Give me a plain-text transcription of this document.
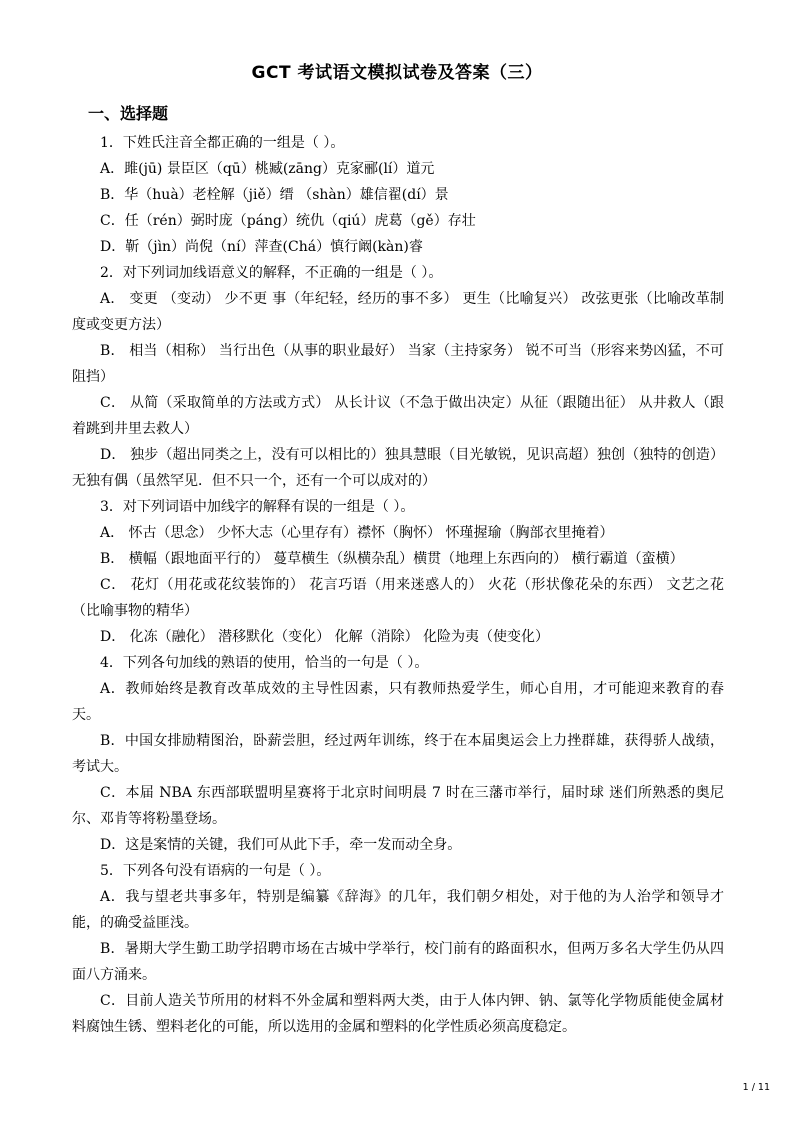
GCT 考试语文模拟试卷及答案（三）
一、选择题

1．下姓氏注音全都正确的一组是（ ）。

A．雎(jū) 景臣区（qū）桃臧(zāng）克家郦(lí）道元

B．华（huà）老栓解（jiě）缙 （shàn）雄信翟(dí）景

C．任（rén）弼时庞（páng）统仇（qiú）虎葛（gě）存壮

D．靳（jìn）尚倪（ní）萍查(Chá）慎行阚(kàn)睿

2．对下列词加线语意义的解释，不正确的一组是（ ）。

A． 变更 （变动） 少不更 事（年纪轻，经历的事不多） 更生（比喻复兴） 改弦更张（比喻改革制度或变更方法）

B． 相当（相称） 当行出色（从事的职业最好） 当家（主持家务） 锐不可当（形容来势凶猛，不可阻挡）

C． 从简（采取简单的方法或方式） 从长计议（不急于做出决定）从征（跟随出征） 从井救人（跟着跳到井里去救人）

D． 独步（超出同类之上，没有可以相比的）独具慧眼（目光敏锐，见识高超）独创（独特的创造）无独有偶（虽然罕见．但不只一个，还有一个可以成对的）

3．对下列词语中加线字的解释有误的一组是（ ）。

A． 怀古（思念） 少怀大志（心里存有）襟怀（胸怀） 怀瑾握瑜（胸部衣里掩着）

B． 横幅（跟地面平行的） 蔓草横生（纵横杂乱）横贯（地理上东西向的） 横行霸道（蛮横）

C． 花灯（用花或花纹装饰的） 花言巧语（用来迷惑人的） 火花（形状像花朵的东西） 文艺之花（比喻事物的精华）

D． 化冻（融化） 潜移默化（变化） 化解（消除） 化险为夷（使变化）

4．下列各句加线的熟语的使用，恰当的一句是（ ）。

A．教师始终是教育改革成效的主导性因素，只有教师热爱学生，师心自用，才可能迎来教育的春天。

B．中国女排励精图治，卧薪尝胆，经过两年训练，终于在本届奥运会上力挫群雄，获得骄人战绩，考试大。

C．本届 NBA 东西部联盟明星赛将于北京时间明晨 7 时在三藩市举行，届时球 迷们所熟悉的奥尼尔、邓肯等将粉墨登场。

D．这是案情的关键，我们可从此下手，牵一发而动全身。

5．下列各句没有语病的一句是（ ）。

A．我与望老共事多年，特别是编纂《辞海》的几年，我们朝夕相处，对于他的为人治学和领导才能，的确受益匪浅。

B．暑期大学生勤工助学招聘市场在古城中学举行，校门前有的路面积水，但两万多名大学生仍从四面八方涌来。

C．目前人造关节所用的材料不外金属和塑料两大类，由于人体内钾、钠、氯等化学物质能使金属材料腐蚀生锈、塑料老化的可能，所以选用的金属和塑料的化学性质必须高度稳定。

1 / 11
